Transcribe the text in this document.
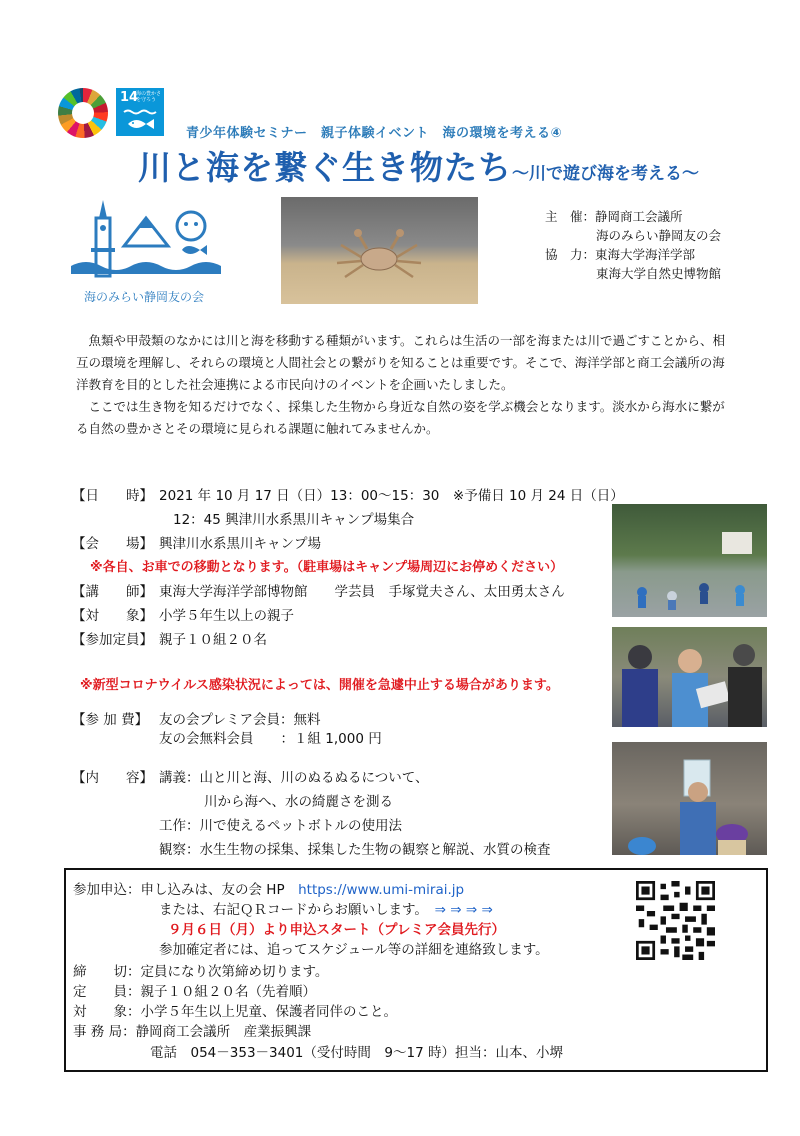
14
海の豊かさを守ろう
青少年体験セミナー　親子体験イベント　海の環境を考える④
川と海を繋ぐ生き物たち～川で遊び海を考える～
海のみらい静岡友の会
主　催：静岡商工会議所
海のみらい静岡友の会
協　力：東海大学海洋学部
東海大学自然史博物館

魚類や甲殻類のなかには川と海を移動する種類がいます。これらは生活の一部を海または川で過ごすことから、相互の環境を理解し、それらの環境と人間社会との繋がりを知ることは重要です。そこで、海洋学部と商工会議所の海洋教育を目的とした社会連携による市民向けのイベントを企画いたしました。

ここでは生き物を知るだけでなく、採集した生物から身近な自然の姿を学ぶ機会となります。淡水から海水に繋がる自然の豊かさとその環境に見られる課題に触れてみませんか。

【日　　時】 2021 年 10 月 17 日（日）13：00～15：30　※予備日 10 月 24 日（日）
12：45 興津川水系黒川キャンプ場集合
【会　　場】 興津川水系黒川キャンプ場
※各自、お車での移動となります。（駐車場はキャンプ場周辺にお停めください）
【講　　師】 東海大学海洋学部博物館　　学芸員　手塚覚夫さん、太田勇太さん
【対　　象】 小学５年生以上の親子
【参加定員】 親子１０組２０名
※新型コロナウイルス感染状況によっては、開催を急遽中止する場合があります。
【参 加 費】 友の会プレミア会員：無料
友の会無料会員　　：１組 1,000 円
【内　　容】 講義：山と川と海、川のぬるぬるについて、
川から海へ、水の綺麗さを測る
工作：川で使えるペットボトルの使用法
観察：水生生物の採集、採集した生物の観察と解説、水質の検査
参加申込：申し込みは、友の会 HP　 https://www.umi-mirai.jp
または、右記ＱＲコードからお願いします。　 ⇒ ⇒ ⇒ ⇒
９月６日（月）より申込スタート（プレミア会員先行）
参加確定者には、追ってスケジュール等の詳細を連絡致します。
締　　切：定員になり次第締め切ります。
定　　員：親子１０組２０名（先着順）
対　　象：小学５年生以上児童、保護者同伴のこと。
事 務 局：静岡商工会議所　産業振興課
電話　054－353－3401（受付時間　9～17 時）担当：山本、小堺
